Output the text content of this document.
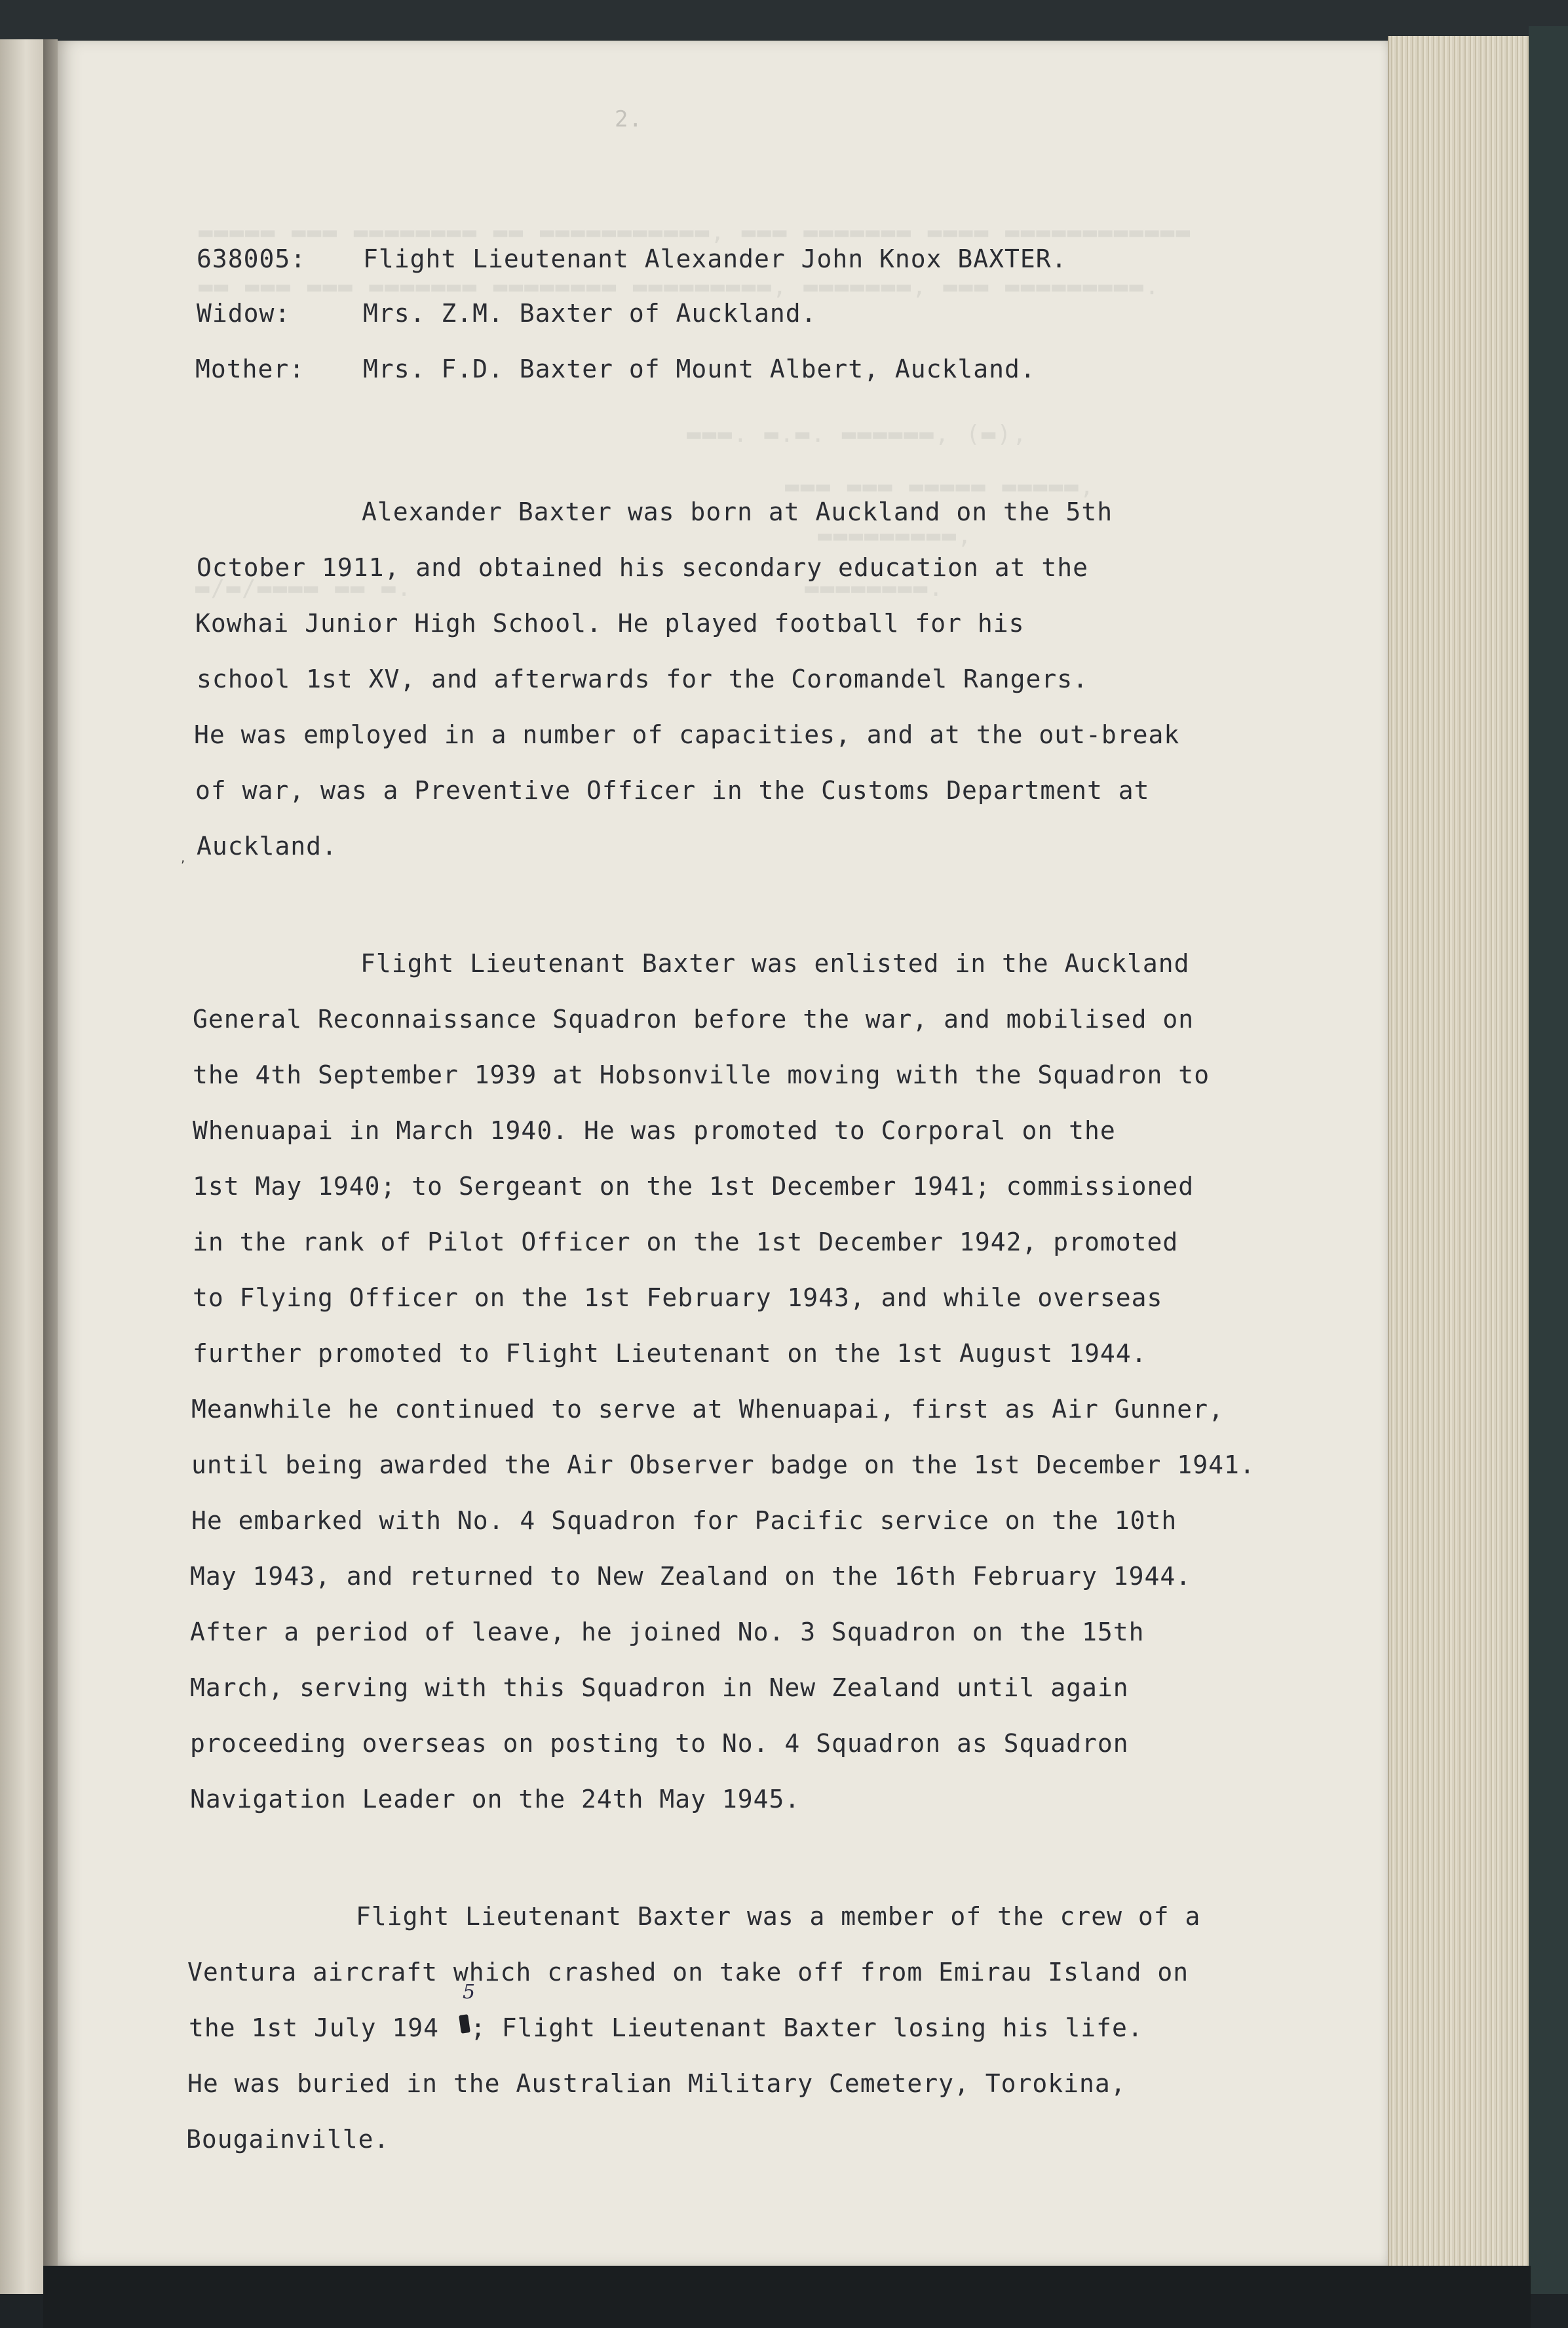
▬▬▬▬▬ ▬▬▬ ▬▬▬▬▬▬▬▬ ▬▬ ▬▬▬▬▬▬▬▬▬▬▬, ▬▬▬ ▬▬▬▬▬▬▬ ▬▬▬▬ ▬▬▬▬▬▬▬▬▬▬▬▬
▬▬ ▬▬▬ ▬▬▬ ▬▬▬▬▬▬▬ ▬▬▬▬▬▬▬▬ ▬▬▬▬▬▬▬▬▬, ▬▬▬▬▬▬▬, ▬▬▬ ▬▬▬▬▬▬▬▬▬.
▬▬▬. ▬.▬. ▬▬▬▬▬▬, (▬),
▬▬▬ ▬▬▬ ▬▬▬▬▬ ▬▬▬▬▬,
▬▬▬▬▬▬▬▬▬,
▬/▬/▬▬▬▬ ▬▬ ▬.	▬▬▬▬▬▬▬▬.
2.
638005: Flight Lieutenant Alexander John Knox BAXTER.
Widow:	Mrs. Z.M. Baxter of Auckland.
Mother: Mrs. F.D. Baxter of Mount Albert, Auckland.
Alexander Baxter was born at Auckland on the 5th
October 1911, and obtained his secondary education at the
Kowhai Junior High School. He played football for his
school 1st XV, and afterwards for the Coromandel Rangers.
He was employed in a number of capacities, and at the out-break
of war, was a Preventive Officer in the Customs Department at
Auckland.
,
Flight Lieutenant Baxter was enlisted in the Auckland
General Reconnaissance Squadron before the war, and mobilised on
the 4th September 1939 at Hobsonville moving with the Squadron to
Whenuapai in March 1940. He was promoted to Corporal on the
1st May 1940; to Sergeant on the 1st December 1941; commissioned
in the rank of Pilot Officer on the 1st December 1942, promoted
to Flying Officer on the 1st February 1943, and while overseas
further promoted to Flight Lieutenant on the 1st August 1944.
Meanwhile he continued to serve at Whenuapai, first as Air Gunner,
until being awarded the Air Observer badge on the 1st December 1941.
He embarked with No. 4 Squadron for Pacific service on the 10th
May 1943, and returned to New Zealand on the 16th February 1944.
After a period of leave, he joined No. 3 Squadron on the 15th
March, serving with this Squadron in New Zealand until again
proceeding overseas on posting to No. 4 Squadron as Squadron
Navigation Leader on the 24th May 1945.
Flight Lieutenant Baxter was a member of the crew of a
Ventura aircraft which crashed on take off from Emirau Island on
the 1st July 194
5
; Flight Lieutenant Baxter losing his life.
He was buried in the Australian Military Cemetery, Torokina,
Bougainville.
